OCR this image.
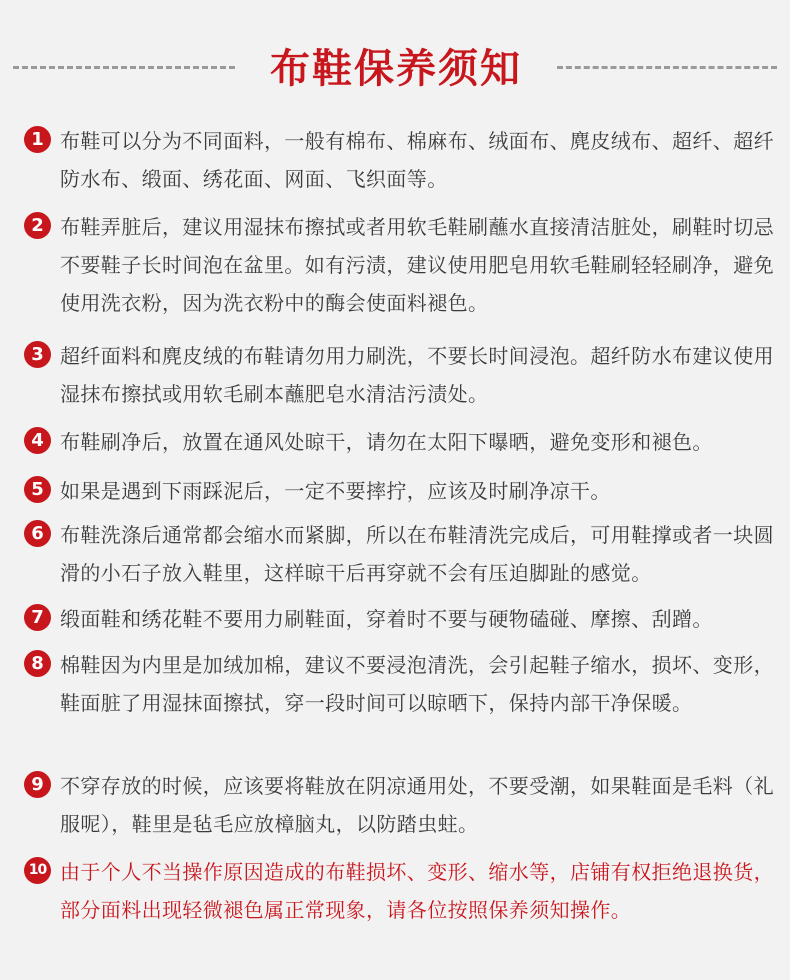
布鞋保养须知
1 布鞋可以分为不同面料，一般有棉布、棉麻布、绒面布、麂皮绒布、超纤、超纤防水布、缎面、绣花面、网面、飞织面等。
2 布鞋弄脏后，建议用湿抹布擦拭或者用软毛鞋刷蘸水直接清洁脏处，刷鞋时切忌不要鞋子长时间泡在盆里。如有污渍，建议使用肥皂用软毛鞋刷轻轻刷净，避免使用洗衣粉，因为洗衣粉中的酶会使面料褪色。
3 超纤面料和麂皮绒的布鞋请勿用力刷洗，不要长时间浸泡。超纤防水布建议使用湿抹布擦拭或用软毛刷本蘸肥皂水清洁污渍处。
4 布鞋刷净后，放置在通风处晾干，请勿在太阳下曝晒，避免变形和褪色。
5 如果是遇到下雨踩泥后，一定不要摔拧，应该及时刷净凉干。
6 布鞋洗涤后通常都会缩水而紧脚，所以在布鞋清洗完成后，可用鞋撑或者一块圆滑的小石子放入鞋里，这样晾干后再穿就不会有压迫脚趾的感觉。
7 缎面鞋和绣花鞋不要用力刷鞋面，穿着时不要与硬物磕碰、摩擦、刮蹭。
8 棉鞋因为内里是加绒加棉，建议不要浸泡清洗，会引起鞋子缩水，损坏、变形，鞋面脏了用湿抹面擦拭，穿一段时间可以晾晒下，保持内部干净保暖。
9 不穿存放的时候，应该要将鞋放在阴凉通用处，不要受潮，如果鞋面是毛料（礼服呢），鞋里是毡毛应放樟脑丸，以防踏虫蛀。
10 由于个人不当操作原因造成的布鞋损坏、变形、缩水等，店铺有权拒绝退换货，部分面料出现轻微褪色属正常现象，请各位按照保养须知操作。
